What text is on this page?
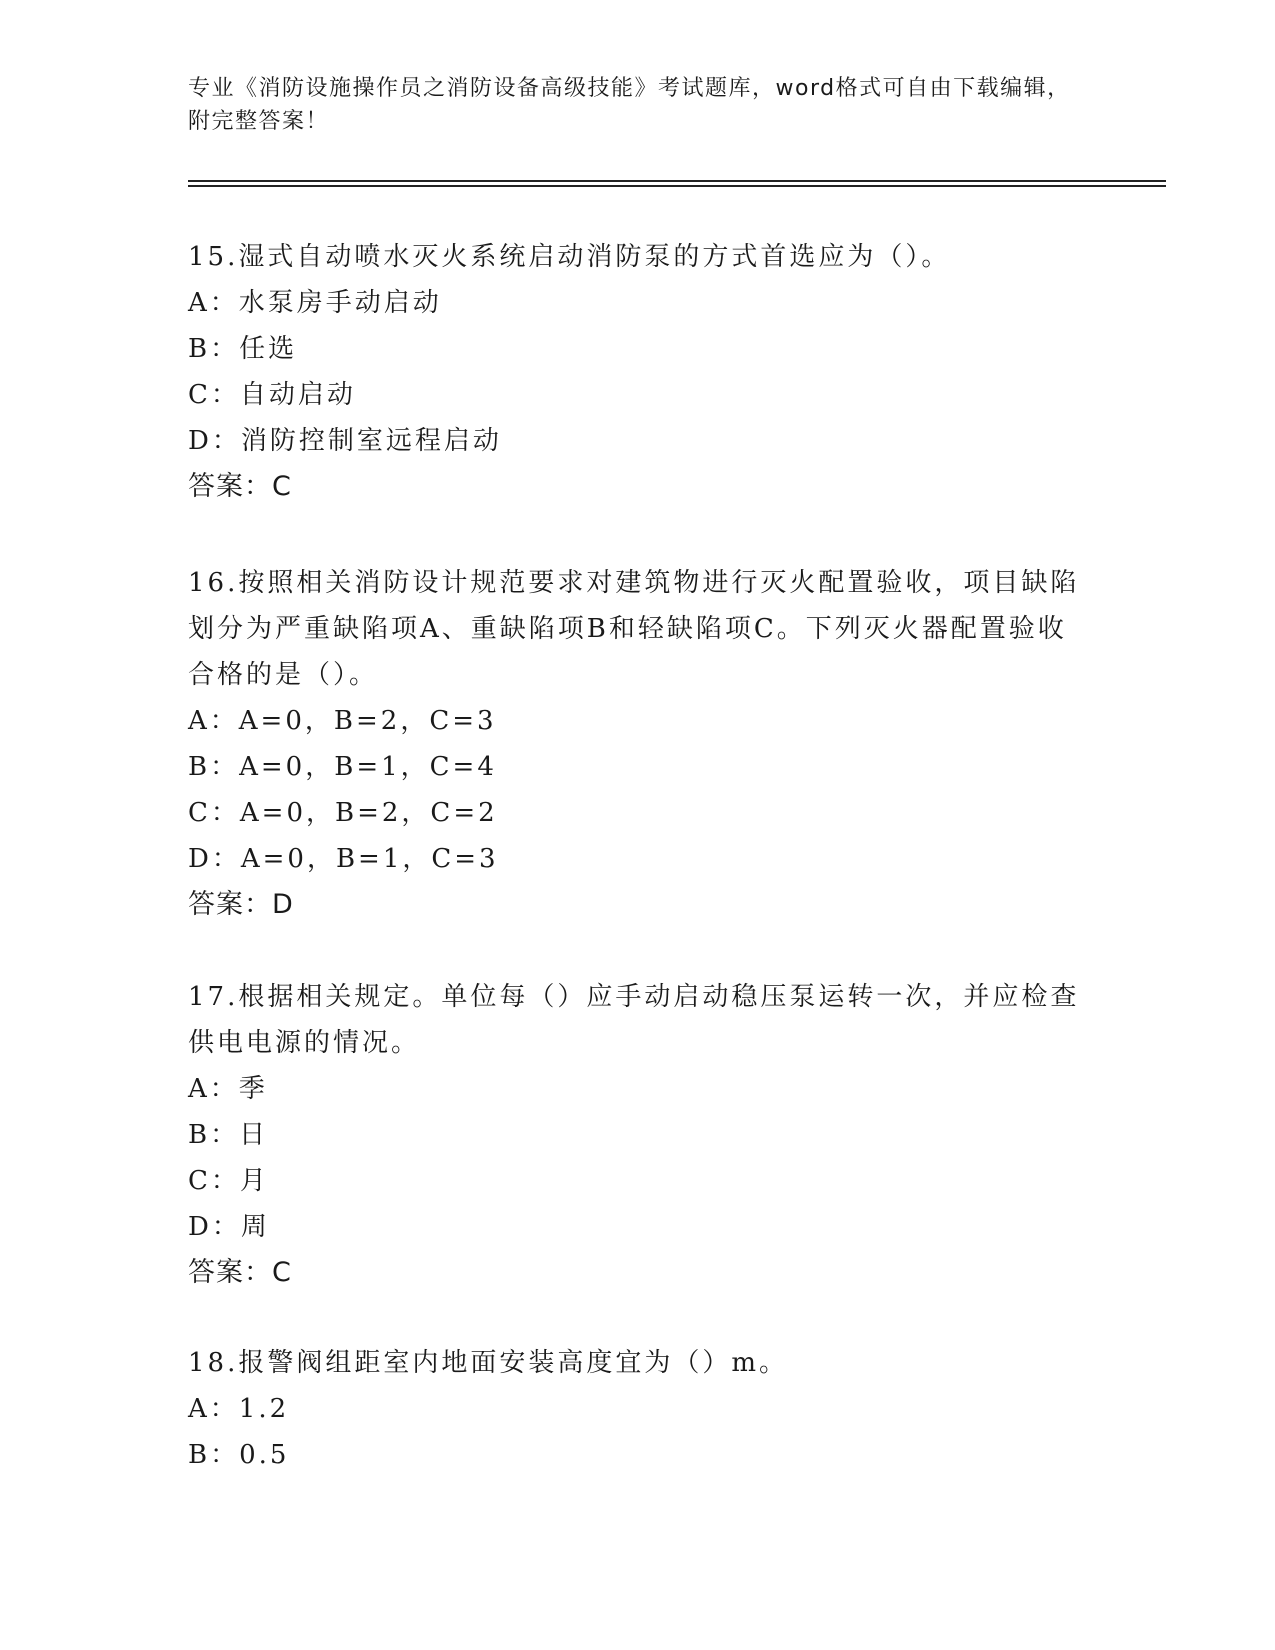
专业《消防设施操作员之消防设备高级技能》考试题库，word格式可自由下载编辑，附完整答案！
15.湿式自动喷水灭火系统启动消防泵的方式首选应为（）。
A：水泵房手动启动
B：任选
C：自动启动
D：消防控制室远程启动
答案：C
16.按照相关消防设计规范要求对建筑物进行灭火配置验收，项目缺陷划分为严重缺陷项A、重缺陷项B和轻缺陷项C。下列灭火器配置验收合格的是（）。
A：A=0，B=2，C=3
B：A=0，B=1，C=4
C：A=0，B=2，C=2
D：A=0，B=1，C=3
答案：D
17.根据相关规定。单位每（）应手动启动稳压泵运转一次，并应检查供电电源的情况。
A：季
B：日
C：月
D：周
答案：C
18.报警阀组距室内地面安装高度宜为（）m。
A：1.2
B：0.5
